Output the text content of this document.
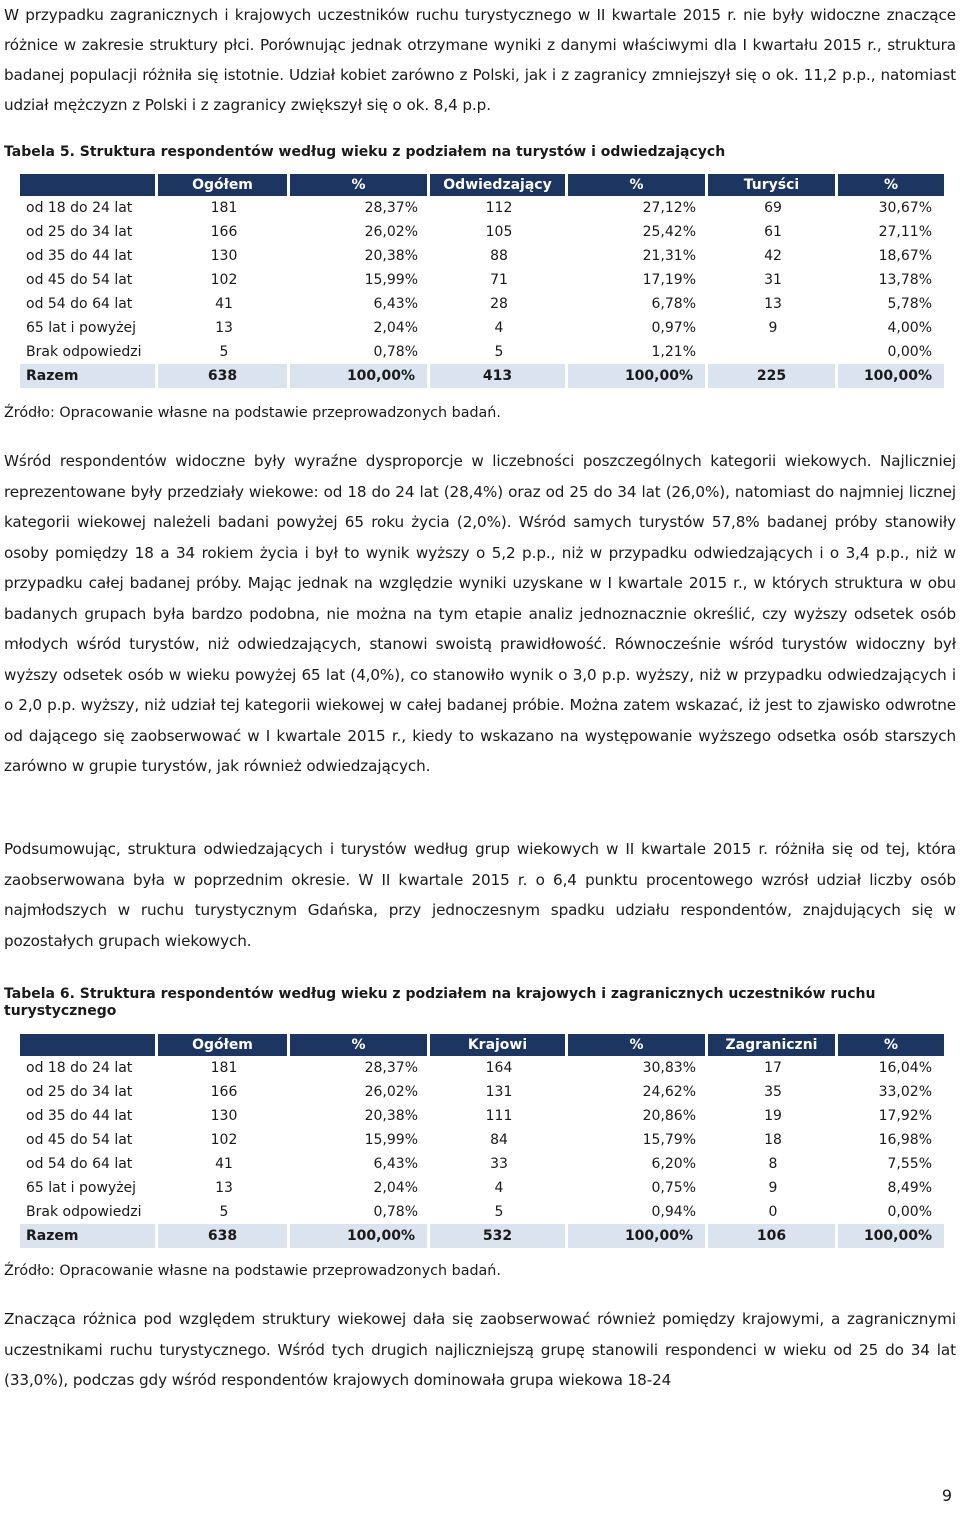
W przypadku zagranicznych i krajowych uczestników ruchu turystycznego w II kwartale 2015 r. nie były widoczne znaczące różnice w zakresie struktury płci. Porównując jednak otrzymane wyniki z danymi właściwymi dla I kwartału 2015 r., struktura badanej populacji różniła się istotnie. Udział kobiet zarówno z Polski, jak i z zagranicy zmniejszył się o ok. 11,2 p.p., natomiast udział mężczyzn z Polski i z zagranicy zwiększył się o ok. 8,4 p.p.

Tabela 5. Struktura respondentów według wieku z podziałem na turystów i odwiedzających
	Ogółem	%	Odwiedzający	%	Turyści	%
od 18 do 24 lat	181	28,37%	112	27,12%	69	30,67%
od 25 do 34 lat	166	26,02%	105	25,42%	61	27,11%
od 35 do 44 lat	130	20,38%	88	21,31%	42	18,67%
od 45 do 54 lat	102	15,99%	71	17,19%	31	13,78%
od 54 do 64 lat	41	6,43%	28	6,78%	13	5,78%
65 lat i powyżej	13	2,04%	4	0,97%	9	4,00%
Brak odpowiedzi	5	0,78%	5	1,21%		0,00%
Razem	638	100,00%	413	100,00%	225	100,00%
Źródło: Opracowanie własne na podstawie przeprowadzonych badań.

Wśród respondentów widoczne były wyraźne dysproporcje w liczebności poszczególnych kategorii wiekowych. Najliczniej reprezentowane były przedziały wiekowe: od 18 do 24 lat (28,4%) oraz od 25 do 34 lat (26,0%), natomiast do najmniej licznej kategorii wiekowej należeli badani powyżej 65 roku życia (2,0%). Wśród samych turystów 57,8% badanej próby stanowiły osoby pomiędzy 18 a 34 rokiem życia i był to wynik wyższy o 5,2 p.p., niż w przypadku odwiedzających i o 3,4 p.p., niż w przypadku całej badanej próby. Mając jednak na względzie wyniki uzyskane w I kwartale 2015 r., w których struktura w obu badanych grupach była bardzo podobna, nie można na tym etapie analiz jednoznacznie określić, czy wyższy odsetek osób młodych wśród turystów, niż odwiedzających, stanowi swoistą prawidłowość. Równocześnie wśród turystów widoczny był wyższy odsetek osób w wieku powyżej 65 lat (4,0%), co stanowiło wynik o 3,0 p.p. wyższy, niż w przypadku odwiedzających i o 2,0 p.p. wyższy, niż udział tej kategorii wiekowej w całej badanej próbie. Można zatem wskazać, iż jest to zjawisko odwrotne od dającego się zaobserwować w I kwartale 2015 r., kiedy to wskazano na występowanie wyższego odsetka osób starszych zarówno w grupie turystów, jak również odwiedzających.

Podsumowując, struktura odwiedzających i turystów według grup wiekowych w II kwartale 2015 r. różniła się od tej, która zaobserwowana była w poprzednim okresie. W II kwartale 2015 r. o 6,4 punktu procentowego wzrósł udział liczby osób najmłodszych w ruchu turystycznym Gdańska, przy jednoczesnym spadku udziału respondentów, znajdujących się w pozostałych grupach wiekowych.

Tabela 6. Struktura respondentów według wieku z podziałem na krajowych i zagranicznych uczestników ruchu turystycznego
	Ogółem	%	Krajowi	%	Zagraniczni	%
od 18 do 24 lat	181	28,37%	164	30,83%	17	16,04%
od 25 do 34 lat	166	26,02%	131	24,62%	35	33,02%
od 35 do 44 lat	130	20,38%	111	20,86%	19	17,92%
od 45 do 54 lat	102	15,99%	84	15,79%	18	16,98%
od 54 do 64 lat	41	6,43%	33	6,20%	8	7,55%
65 lat i powyżej	13	2,04%	4	0,75%	9	8,49%
Brak odpowiedzi	5	0,78%	5	0,94%	0	0,00%
Razem	638	100,00%	532	100,00%	106	100,00%
Źródło: Opracowanie własne na podstawie przeprowadzonych badań.

Znacząca różnica pod względem struktury wiekowej dała się zaobserwować również pomiędzy krajowymi, a zagranicznymi uczestnikami ruchu turystycznego. Wśród tych drugich najliczniejszą grupę stanowili respondenci w wieku od 25 do 34 lat (33,0%), podczas gdy wśród respondentów krajowych dominowała grupa wiekowa 18-24

9
